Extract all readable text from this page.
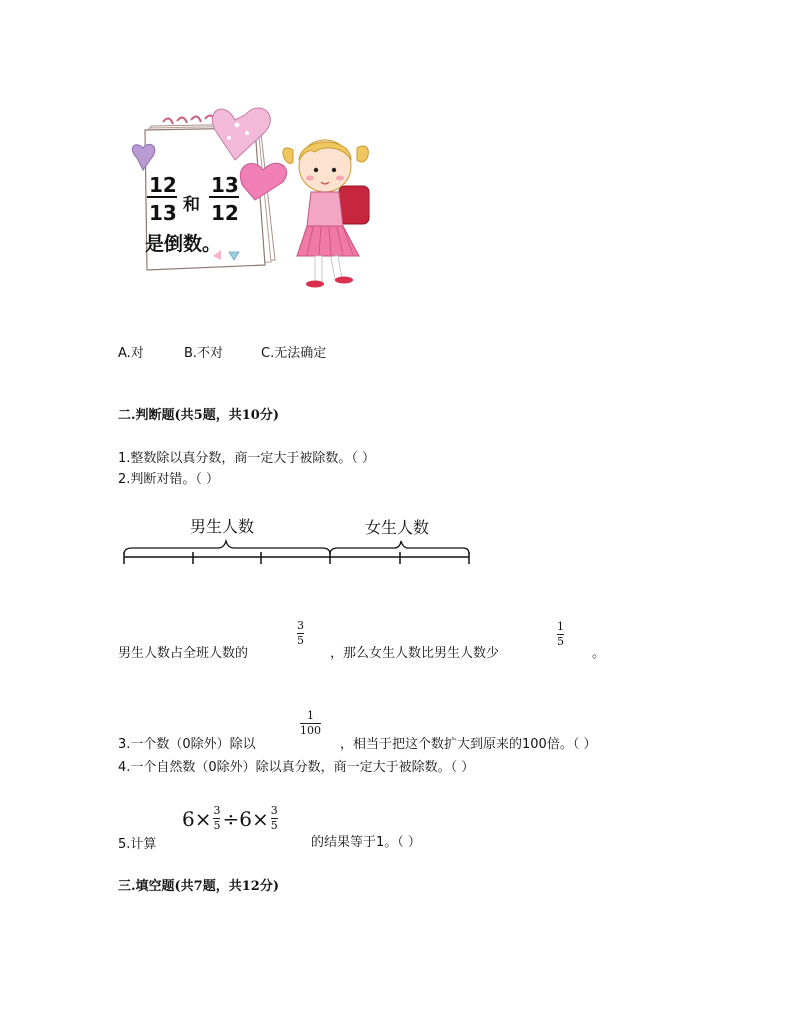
12
13 和
13
12
是倒数。
A.对	B.不对	C.无法确定
二.判断题(共5题，共10分)
1.整数除以真分数，商一定大于被除数。（ ）
2.判断对错。（ ）
男生人数	女生人数
男生人数占全班人数的
3
5
，那么女生人数比男生人数少
1
5
。
3.一个数（0除外）除以
1
100
，相当于把这个数扩大到原来的100倍。（ ）
4.一个自然数（0除外）除以真分数，商一定大于被除数。（ ）
5.计算
6× 3
5 ÷6× 3
5
的结果等于1。（ ）
三.填空题(共7题，共12分)
